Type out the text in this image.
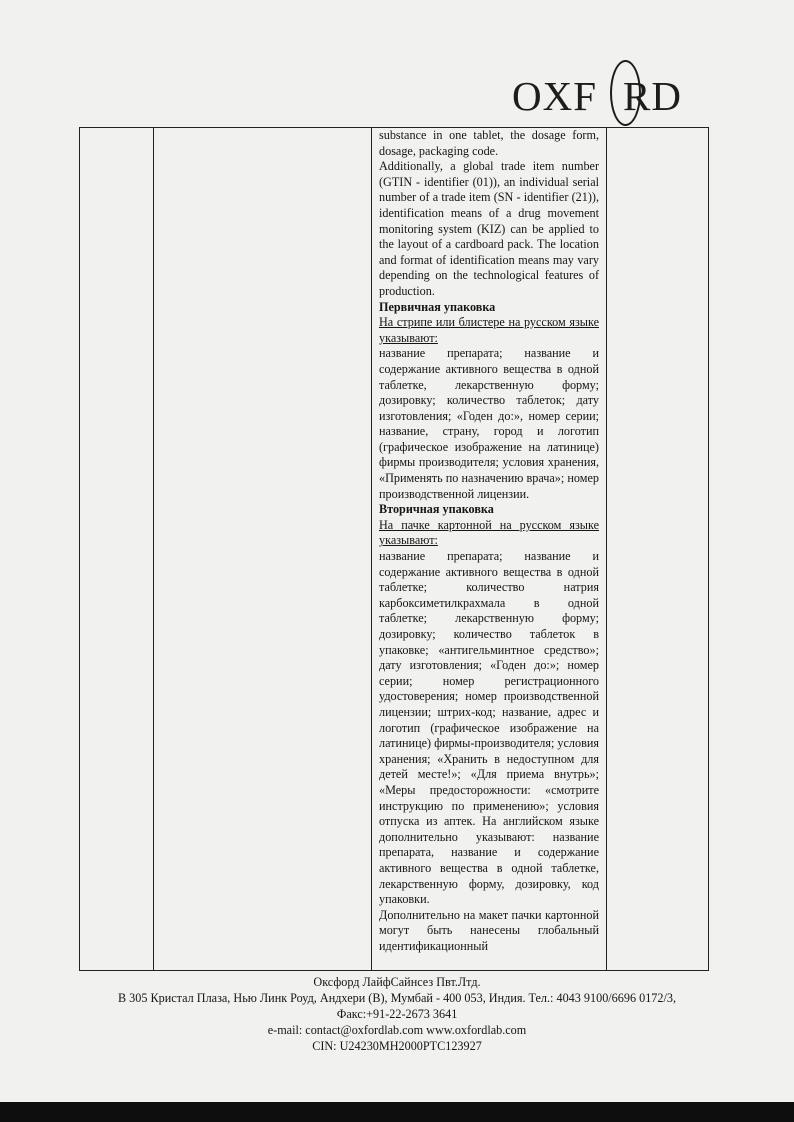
OXF RD

substance in one tablet, the dosage form, dosage, packaging code.

Additionally, a global trade item number (GTIN - identifier (01)), an individual serial number of a trade item (SN - identifier (21)), identification means of a drug movement monitoring system (KIZ) can be applied to the layout of a cardboard pack. The location and format of identification means may vary depending on the technological features of production.

Первичная упаковка

На стрипе или блистере на русском языке указывают:

название препарата; название и содержание активного вещества в одной таблетке, лекарственную форму; дозировку; количество таблеток; дату изготовления; «Годен до:», номер серии; название, страну, город и логотип (графическое изображение на латинице) фирмы производителя; условия хранения, «Применять по назначению врача»; номер производственной лицензии.

Вторичная упаковка

На пачке картонной на русском языке указывают:

название препарата; название и содержание активного вещества в одной таблетке; количество натрия карбоксиметилкрахмала в одной таблетке; лекарственную форму; дозировку; количество таблеток в упаковке; «антигельминтное средство»; дату изготовления; «Годен до:»; номер серии; номер регистрационного удостоверения; номер производственной лицензии; штрих-код; название, адрес и логотип (графическое изображение на латинице) фирмы-производителя; условия хранения; «Хранить в недоступном для детей месте!»; «Для приема внутрь»; «Меры предосторожности: «смотрите инструкцию по применению»; условия отпуска из аптек. На английском языке дополнительно указывают: название препарата, название и содержание активного вещества в одной таблетке, лекарственную форму, дозировку, код упаковки.

Дополнительно на макет пачки картонной могут быть нанесены глобальный идентификационный

Оксфорд ЛайфСайнсез Пвт.Лтд.
B 305 Кристал Плаза, Нью Линк Роуд, Андхери (В), Мумбай - 400 053, Индия. Тел.: 4043 9100/6696 0172/3,
Факс:+91-22-2673 3641
e-mail: contact@oxfordlab.com www.oxfordlab.com
CIN: U24230MH2000PTC123927
